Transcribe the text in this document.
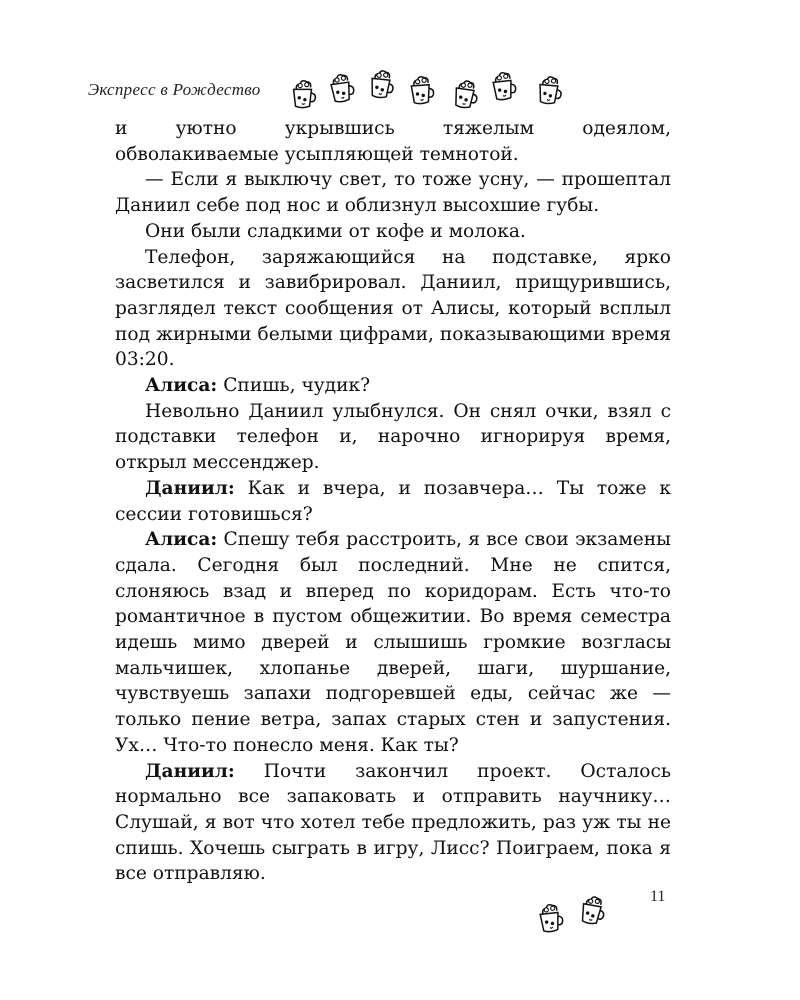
Экспресс в Рождество

и уютно укрывшись тяжелым одеялом, обволакиваемые усыпляющей темнотой.

— Если я выключу свет, то тоже усну, — прошептал Даниил себе под нос и облизнул высохшие губы.

Они были сладкими от кофе и молока.

Телефон, заряжающийся на подставке, ярко засветился и завибрировал. Даниил, прищурившись, разглядел текст сообщения от Алисы, который всплыл под жирными белыми цифрами, показывающими время 03:20.

Алиса: Спишь, чудик?

Невольно Даниил улыбнулся. Он снял очки, взял с подставки телефон и, нарочно игнорируя время, открыл мессенджер.

Даниил: Как и вчера, и позавчера… Ты тоже к сессии готовишься?

Алиса: Спешу тебя расстроить, я все свои экзамены сдала. Сегодня был последний. Мне не спится, слоняюсь взад и вперед по коридорам. Есть что-то романтичное в пустом общежитии. Во время семестра идешь мимо дверей и слышишь громкие возгласы мальчишек, хлопанье дверей, шаги, шуршание, чувствуешь запахи подгоревшей еды, сейчас же — только пение ветра, запах старых стен и запустения. Ух… Что-то понесло меня. Как ты?

Даниил: Почти закончил проект. Осталось нормально все запаковать и отправить научнику… Слушай, я вот что хотел тебе предложить, раз уж ты не спишь. Хочешь сыграть в игру, Лисс? Поиграем, пока я все отправляю.

11
